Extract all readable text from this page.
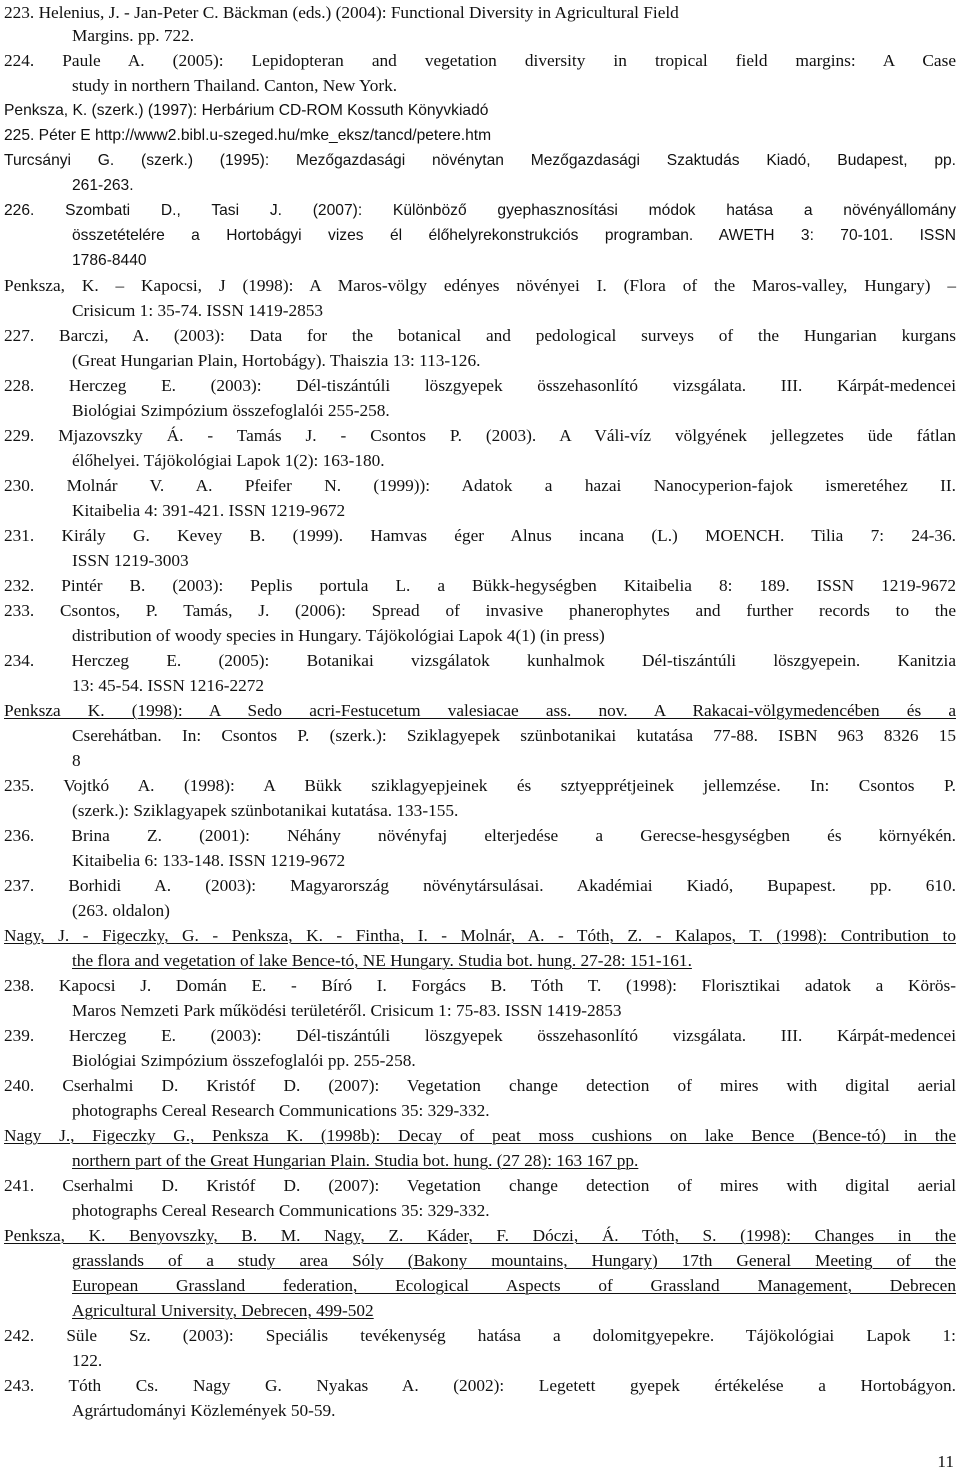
223. Helenius, J. - Jan-Peter C. Bäckman (eds.) (2004): Functional Diversity in Agricultural Field
Margins. pp. 722.
224. Paule A. (2005): Lepidopteran and vegetation diversity in tropical field margins: A Case
study in northern Thailand. Canton, New York.
Penksza, K. (szerk.) (1997): Herbárium CD-ROM Kossuth Könyvkiadó
225. Péter E http://www2.bibl.u-szeged.hu/mke_eksz/tancd/petere.htm
Turcsányi G. (szerk.) (1995): Mezőgazdasági növénytan Mezőgazdasági Szaktudás Kiadó, Budapest, pp.
261-263.
226. Szombati D., Tasi J. (2007): Különböző gyephasznosítási módok hatása a növényállomány
összetételére a Hortobágyi vizes él élőhelyrekonstrukciós programban. AWETH 3: 70-101. ISSN
1786-8440
Penksza, K. – Kapocsi, J (1998): A Maros-völgy edényes növényei I. (Flora of the Maros-valley, Hungary) –
Crisicum 1: 35-74. ISSN 1419-2853
227. Barczi, A. (2003): Data for the botanical and pedological surveys of the Hungarian kurgans
(Great Hungarian Plain, Hortobágy). Thaiszia 13: 113-126.
228. Herczeg E. (2003): Dél-tiszántúli löszgyepek összehasonlító vizsgálata. III. Kárpát-medencei
Biológiai Szimpózium összefoglalói 255-258.
229. Mjazovszky Á. - Tamás J. - Csontos P. (2003). A Váli-víz völgyének jellegzetes üde fátlan
élőhelyei. Tájökológiai Lapok 1(2): 163-180.
230. Molnár V. A. Pfeifer N. (1999)): Adatok a hazai Nanocyperion-fajok ismeretéhez II.
Kitaibelia 4: 391-421. ISSN 1219-9672
231. Király G. Kevey B. (1999). Hamvas éger Alnus incana (L.) MOENCH. Tilia 7: 24-36.
ISSN 1219-3003
232. Pintér B. (2003): Peplis portula L. a Bükk-hegységben Kitaibelia 8: 189. ISSN 1219-9672
233. Csontos, P. Tamás, J. (2006): Spread of invasive phanerophytes and further records to the
distribution of woody species in Hungary. Tájökológiai Lapok 4(1) (in press)
234. Herczeg E. (2005): Botanikai vizsgálatok kunhalmok Dél-tiszántúli löszgyepein. Kanitzia
13: 45-54. ISSN 1216-2272
Penksza K. (1998): A Sedo acri-Festucetum valesiacae ass. nov. A Rakacai-völgymedencében és a
Cserehátban. In: Csontos P. (szerk.): Sziklagyepek szünbotanikai kutatása 77-88. ISBN 963 8326 15
8
235. Vojtkó A. (1998): A Bükk sziklagyepjeinek és sztyepprétjeinek jellemzése. In: Csontos P.
(szerk.): Sziklagyapek szünbotanikai kutatása. 133-155.
236. Brina Z. (2001): Néhány növényfaj elterjedése a Gerecse-hesgységben és környékén.
Kitaibelia 6: 133-148. ISSN 1219-9672
237. Borhidi A. (2003): Magyarország növénytársulásai. Akadémiai Kiadó, Bupapest. pp. 610.
(263. oldalon)
Nagy, J. - Figeczky, G. - Penksza, K. - Fintha, I. - Molnár, A. - Tóth, Z. - Kalapos, T. (1998): Contribution to
the flora and vegetation of lake Bence-tó, NE Hungary. Studia bot. hung. 27-28: 151-161.
238. Kapocsi J. Domán E. - Bíró I. Forgács B. Tóth T. (1998): Florisztikai adatok a Körös-
Maros Nemzeti Park működési területéről. Crisicum 1: 75-83. ISSN 1419-2853
239. Herczeg E. (2003): Dél-tiszántúli löszgyepek összehasonlító vizsgálata. III. Kárpát-medencei
Biológiai Szimpózium összefoglalói pp. 255-258.
240. Cserhalmi D. Kristóf D. (2007): Vegetation change detection of mires with digital aerial
photographs Cereal Research Communications 35: 329-332.
Nagy J., Figeczky G., Penksza K. (1998b): Decay of peat moss cushions on lake Bence (Bence-tó) in the
northern part of the Great Hungarian Plain. Studia bot. hung. (27 28): 163 167 pp.
241. Cserhalmi D. Kristóf D. (2007): Vegetation change detection of mires with digital aerial
photographs Cereal Research Communications 35: 329-332.
Penksza, K. Benyovszky, B. M. Nagy, Z. Káder, F. Dóczi, Á. Tóth, S. (1998): Changes in the
grasslands of a study area Sóly (Bakony mountains, Hungary) 17th General Meeting of the
European Grassland federation, Ecological Aspects of Grassland Management, Debrecen
Agricultural University, Debrecen, 499-502
242. Süle Sz. (2003): Speciális tevékenység hatása a dolomitgyepekre. Tájökológiai Lapok 1:
122.
243. Tóth Cs. Nagy G. Nyakas A. (2002): Legetett gyepek értékelése a Hortobágyon.
Agrártudományi Közlemények 50-59.
11
